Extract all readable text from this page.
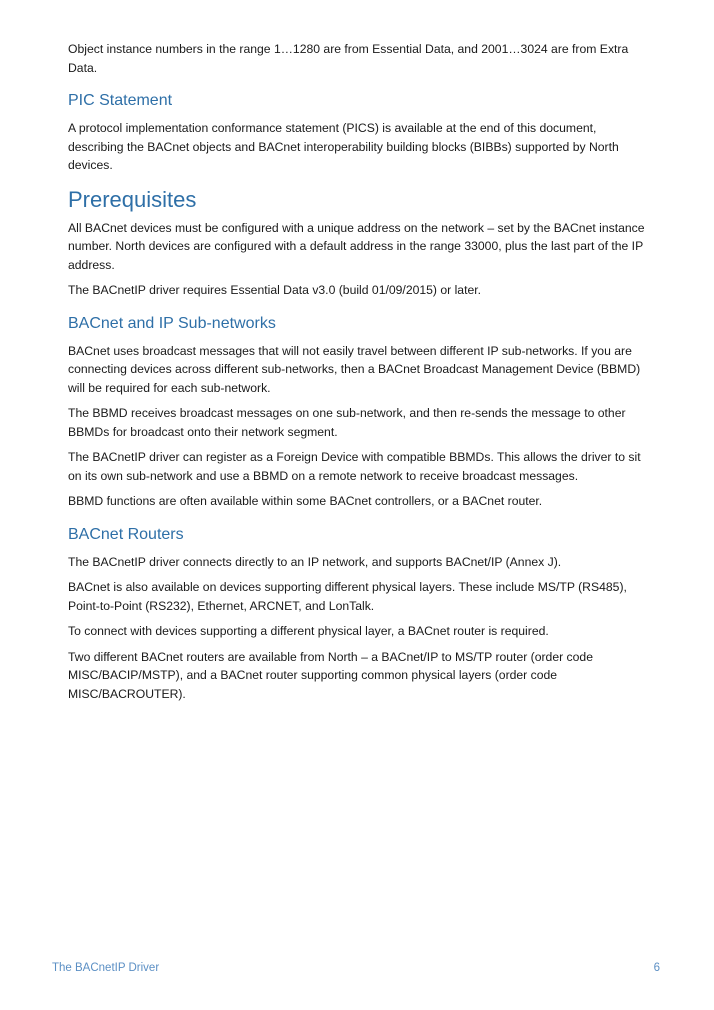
Object instance numbers in the range 1…1280 are from Essential Data, and 2001…3024 are from Extra Data.

PIC Statement

A protocol implementation conformance statement (PICS) is available at the end of this document, describing the BACnet objects and BACnet interoperability building blocks (BIBBs) supported by North devices.

Prerequisites

All BACnet devices must be configured with a unique address on the network – set by the BACnet instance number. North devices are configured with a default address in the range 33000, plus the last part of the IP address.

The BACnetIP driver requires Essential Data v3.0 (build 01/09/2015) or later.

BACnet and IP Sub-networks

BACnet uses broadcast messages that will not easily travel between different IP sub-networks. If you are connecting devices across different sub-networks, then a BACnet Broadcast Management Device (BBMD) will be required for each sub-network.

The BBMD receives broadcast messages on one sub-network, and then re-sends the message to other BBMDs for broadcast onto their network segment.

The BACnetIP driver can register as a Foreign Device with compatible BBMDs. This allows the driver to sit on its own sub-network and use a BBMD on a remote network to receive broadcast messages.

BBMD functions are often available within some BACnet controllers, or a BACnet router.

BACnet Routers

The BACnetIP driver connects directly to an IP network, and supports BACnet/IP (Annex J).

BACnet is also available on devices supporting different physical layers. These include MS/TP (RS485), Point-to-Point (RS232), Ethernet, ARCNET, and LonTalk.

To connect with devices supporting a different physical layer, a BACnet router is required.

Two different BACnet routers are available from North – a BACnet/IP to MS/TP router (order code MISC/BACIP/MSTP), and a BACnet router supporting common physical layers (order code MISC/BACROUTER).

The BACnetIP Driver	6
